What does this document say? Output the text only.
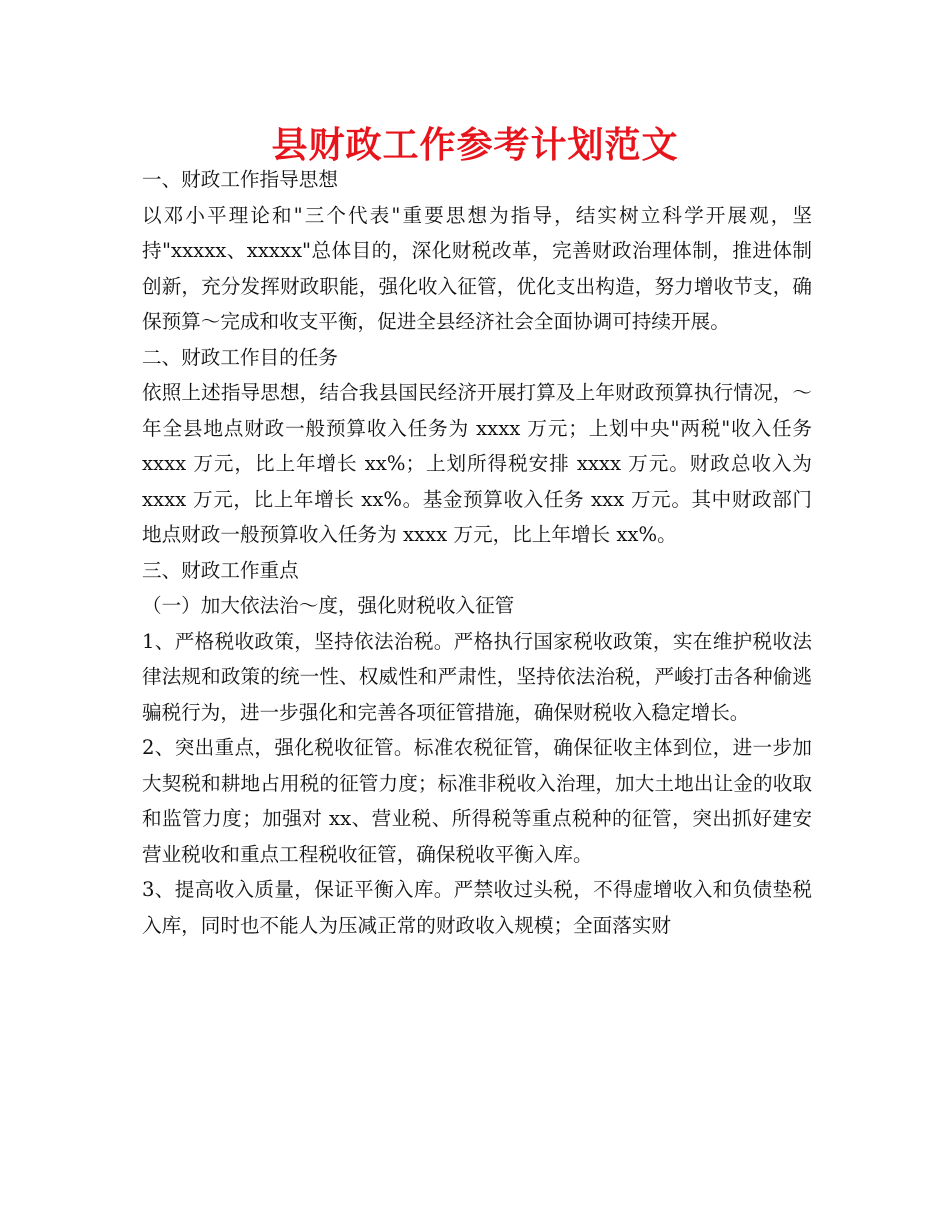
县财政工作参考计划范文

一、财政工作指导思想

以邓小平理论和"三个代表"重要思想为指导，结实树立科学开展观，坚持"xxxxx、xxxxx"总体目的，深化财税改革，完善财政治理体制，推进体制创新，充分发挥财政职能，强化收入征管，优化支出构造，努力增收节支，确保预算～完成和收支平衡，促进全县经济社会全面协调可持续开展。

二、财政工作目的任务

依照上述指导思想，结合我县国民经济开展打算及上年财政预算执行情况，～年全县地点财政一般预算收入任务为 xxxx 万元；上划中央"两税"收入任务 xxxx 万元，比上年增长 xx%；上划所得税安排 xxxx 万元。财政总收入为 xxxx 万元，比上年增长 xx%。基金预算收入任务 xxx 万元。其中财政部门地点财政一般预算收入任务为 xxxx 万元，比上年增长 xx%。

三、财政工作重点

（一）加大依法治～度，强化财税收入征管

1、严格税收政策，坚持依法治税。严格执行国家税收政策，实在维护税收法律法规和政策的统一性、权威性和严肃性，坚持依法治税，严峻打击各种偷逃骗税行为，进一步强化和完善各项征管措施，确保财税收入稳定增长。

2、突出重点，强化税收征管。标准农税征管，确保征收主体到位，进一步加大契税和耕地占用税的征管力度；标准非税收入治理，加大土地出让金的收取和监管力度；加强对 xx、营业税、所得税等重点税种的征管，突出抓好建安营业税收和重点工程税收征管，确保税收平衡入库。

3、提高收入质量，保证平衡入库。严禁收过头税，不得虚增收入和负债垫税入库，同时也不能人为压减正常的财政收入规模；全面落实财
